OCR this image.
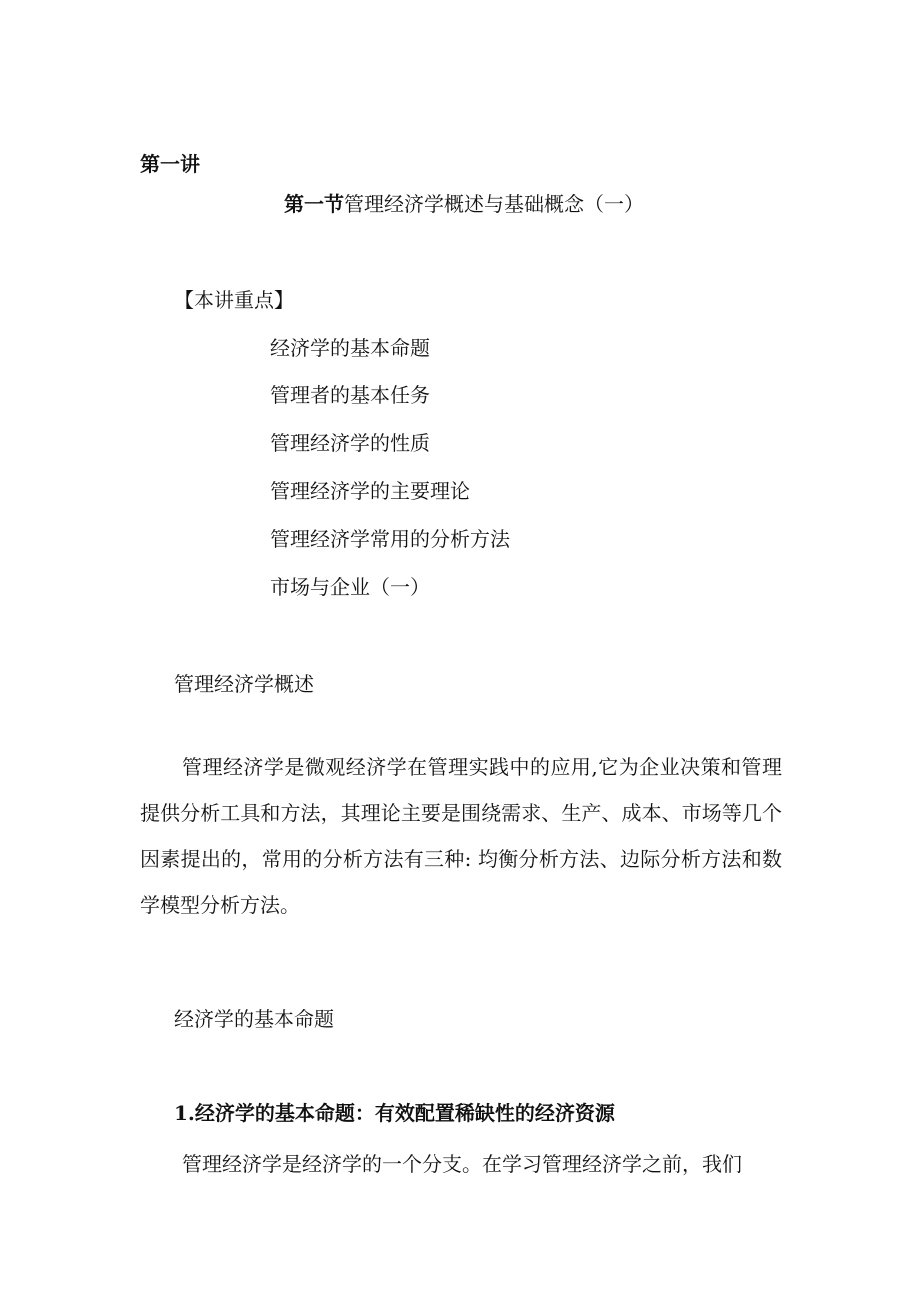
第一讲
第一节管理经济学概述与基础概念（一）
【本讲重点】
经济学的基本命题
管理者的基本任务
管理经济学的性质
管理经济学的主要理论
管理经济学常用的分析方法
市场与企业（一）
管理经济学概述

管理经济学是微观经济学在管理实践中的应用,它为企业决策和管理提供分析工具和方法，其理论主要是围绕需求、生产、成本、市场等几个因素提出的，常用的分析方法有三种: 均衡分析方法、边际分析方法和数学模型分析方法。

经济学的基本命题
1.经济学的基本命题：有效配置稀缺性的经济资源
管理经济学是经济学的一个分支。在学习管理经济学之前，我们
